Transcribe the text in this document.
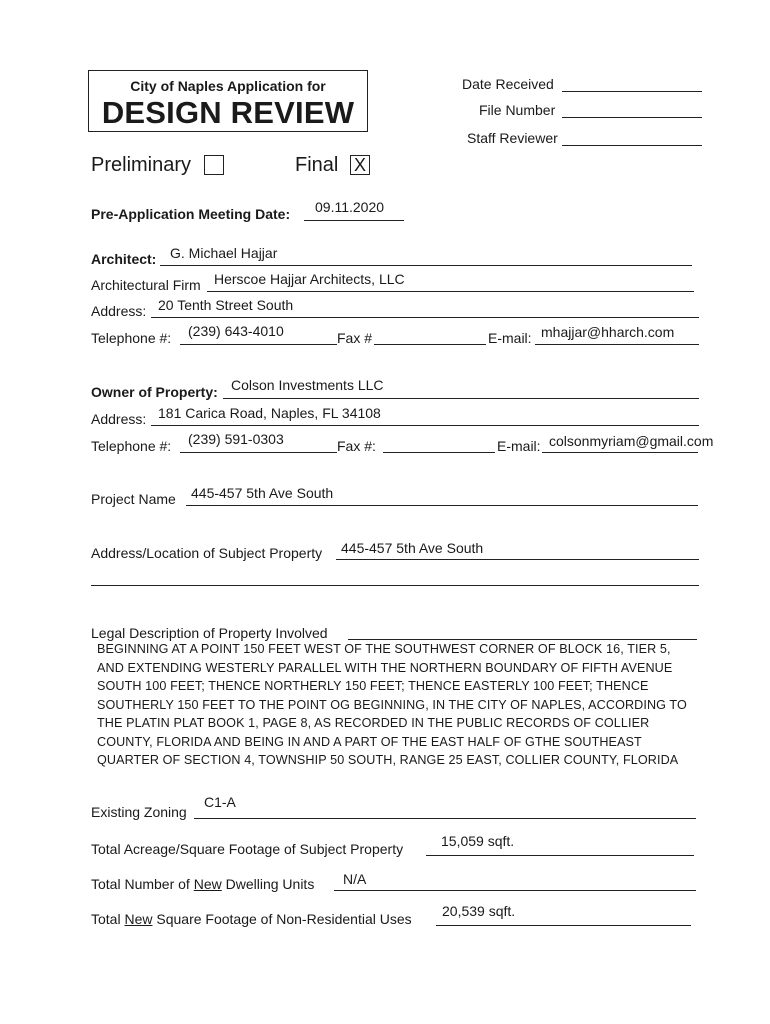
City of Naples Application for
DESIGN REVIEW
Date Received
File Number
Staff Reviewer
Preliminary	Final X
Pre-Application Meeting Date: 09.11.2020
Architect: G. Michael Hajjar
Architectural Firm Herscoe Hajjar Architects, LLC
Address: 20 Tenth Street South
Telephone #: (239) 643-4010	Fax #	E-mail: mhajjar@hharch.com
Owner of Property: Colson Investments LLC
Address: 181 Carica Road, Naples, FL 34108
Telephone #: (239) 591-0303	Fax #:	E-mail: colsonmyriam@gmail.com
Project Name 445-457 5th Ave South
Address/Location of Subject Property 445-457 5th Ave South
Legal Description of Property Involved
BEGINNING AT A POINT 150 FEET WEST OF THE SOUTHWEST CORNER OF BLOCK 16, TIER 5,
AND EXTENDING WESTERLY PARALLEL WITH THE NORTHERN BOUNDARY OF FIFTH AVENUE
SOUTH 100 FEET; THENCE NORTHERLY 150 FEET; THENCE EASTERLY 100 FEET; THENCE
SOUTHERLY 150 FEET TO THE POINT OG BEGINNING, IN THE CITY OF NAPLES, ACCORDING TO
THE PLATIN PLAT BOOK 1, PAGE 8, AS RECORDED IN THE PUBLIC RECORDS OF COLLIER
COUNTY, FLORIDA AND BEING IN AND A PART OF THE EAST HALF OF GTHE SOUTHEAST
QUARTER OF SECTION 4, TOWNSHIP 50 SOUTH, RANGE 25 EAST, COLLIER COUNTY, FLORIDA
Existing Zoning
C1-A
Total Acreage/Square Footage of Subject Property	15,059 sqft.
Total Number of New Dwelling Units N/A
Total New Square Footage of Non-Residential Uses 20,539 sqft.
